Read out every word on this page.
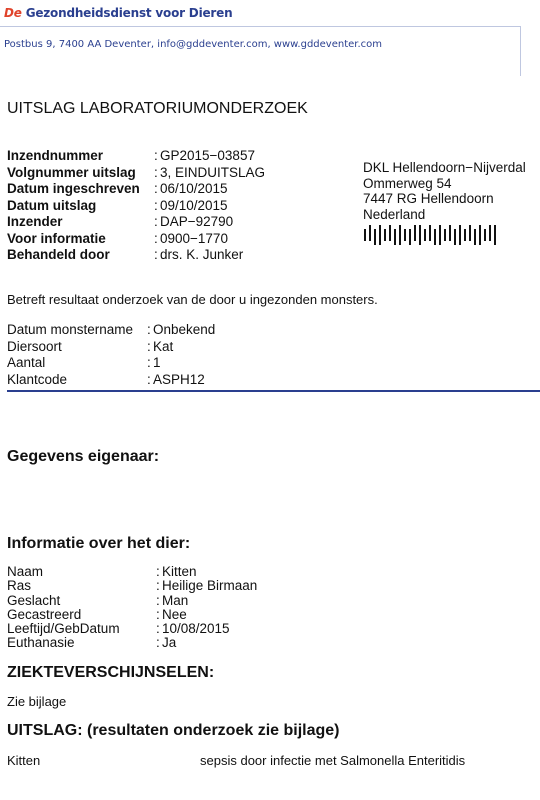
De Gezondheidsdienst voor Dieren
Postbus 9, 7400 AA Deventer, info@gddeventer.com, www.gddeventer.com
UITSLAG LABORATORIUMONDERZOEK
Inzendnummer	: GP2015−03857
Volgnummer uitslag	: 3, EINDUITSLAG
Datum ingeschreven	: 06/10/2015
Datum uitslag	: 09/10/2015
Inzender	: DAP−92790
Voor informatie	: 0900−1770
Behandeld door	: drs. K. Junker
DKL Hellendoorn−Nijverdal
Ommerweg 54
7447 RG Hellendoorn
Nederland
Betreft resultaat onderzoek van de door u ingezonden monsters.
Datum monstername	: Onbekend
Diersoort	: Kat
Aantal	: 1
Klantcode	: ASPH12
Gegevens eigenaar:
Informatie over het dier:
Naam	: Kitten
Ras	: Heilige Birmaan
Geslacht	: Man
Gecastreerd	: Nee
Leeftijd/GebDatum	: 10/08/2015
Euthanasie	: Ja
ZIEKTEVERSCHIJNSELEN:
Zie bijlage
UITSLAG: (resultaten onderzoek zie bijlage)
Kitten	sepsis door infectie met Salmonella Enteritidis
